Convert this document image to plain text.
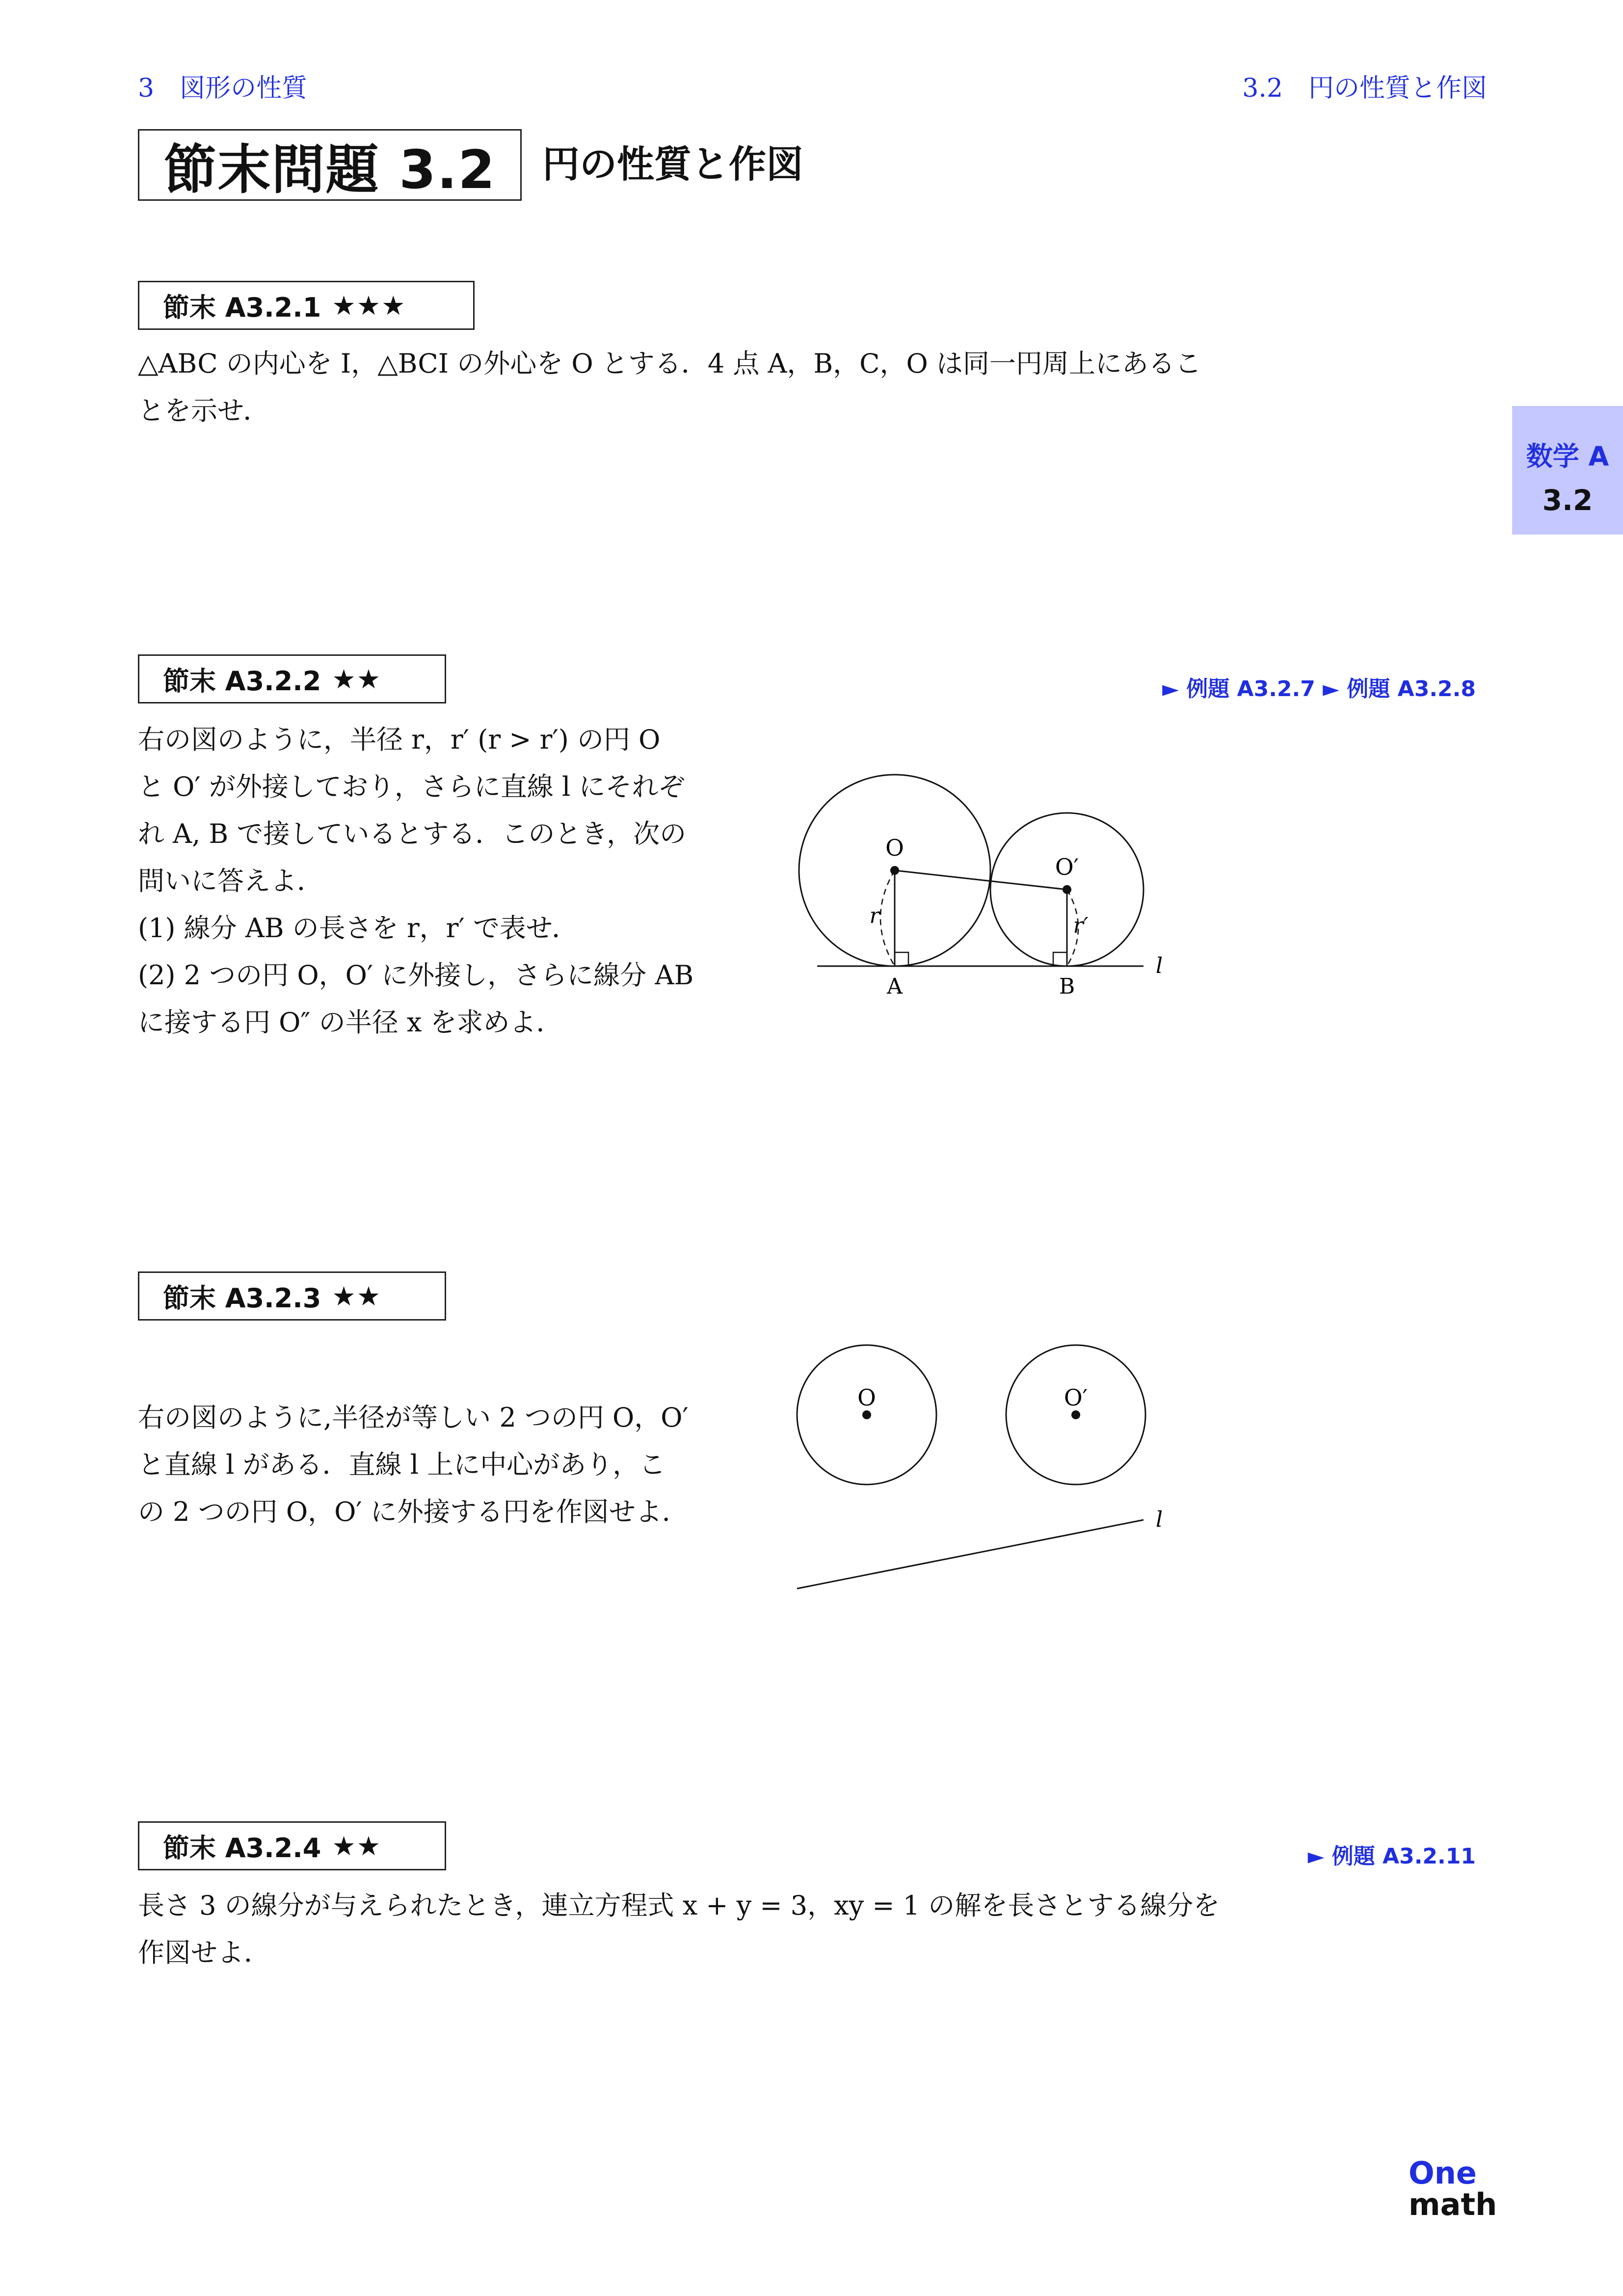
3　図形の性質	3.2　円の性質と作図
節末問題 3.2	円の性質と作図
数学 A
3.2
節末 A3.2.1 ★★★
△ABC の内心を I，△BCI の外心を O とする．4 点 A，B，C，O は同一円周上にあるこ
とを示せ．
節末 A3.2.2 ★★	► 例題 A3.2.7 ► 例題 A3.2.8
右の図のように，半径 r，r′ (r > r′) の円 O
と O′ が外接しており，さらに直線 l にそれぞ
れ A, B で接しているとする．このとき，次の
問いに答えよ．
(1) 線分 AB の長さを r，r′ で表せ．
(2) 2 つの円 O，O′ に外接し，さらに線分 AB
に接する円 O″ の半径 x を求めよ．
O
O′
r	r′
A	B
l
節末 A3.2.3 ★★
右の図のように,半径が等しい 2 つの円 O，O′
と直線 l がある．直線 l 上に中心があり，こ
の 2 つの円 O，O′ に外接する円を作図せよ．
O	O′
l
節末 A3.2.4 ★★	► 例題 A3.2.11
長さ 3 の線分が与えられたとき，連立方程式 x + y = 3，xy = 1 の解を長さとする線分を
作図せよ．
One
math
